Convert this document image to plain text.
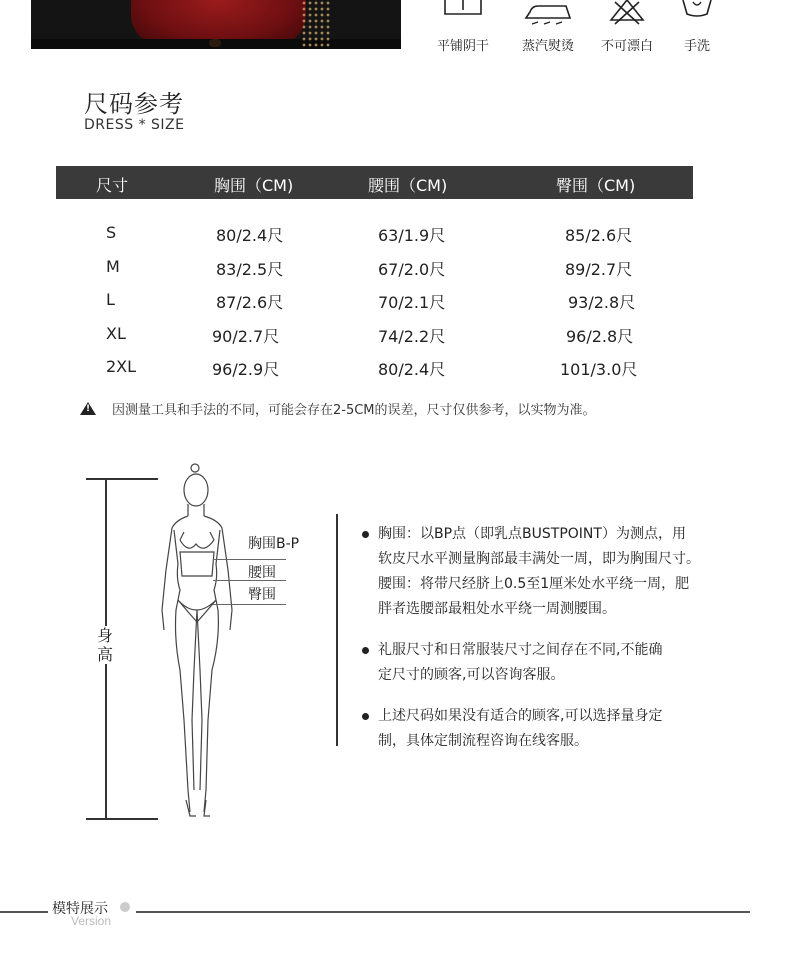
平铺阴干	蒸汽熨烫 不可漂白 手洗
尺码参考
DRESS * SIZE
尺寸	胸围（CM)	腰围（CM)	臀围（CM)
S	80/2.4尺	63/1.9尺	85/2.6尺
M	83/2.5尺	67/2.0尺	89/2.7尺
L	87/2.6尺	70/2.1尺	93/2.8尺
XL	90/2.7尺	74/2.2尺	96/2.8尺
2XL	96/2.9尺	80/2.4尺	101/3.0尺
!因测量工具和手法的不同，可能会存在2-5CM的误差，尺寸仅供参考，以实物为准。
身高
胸围B-P
腰围
臀围

胸围：以BP点（即乳点BUSTPOINT）为测点，用

软皮尺水平测量胸部最丰满处一周，即为胸围尺寸。

腰围：将带尺经脐上0.5至1厘米处水平绕一周，肥

胖者选腰部最粗处水平绕一周测腰围。

礼服尺寸和日常服装尺寸之间存在不同,不能确

定尺寸的顾客,可以咨询客服。

上述尺码如果没有适合的顾客,可以选择量身定

制，具体定制流程咨询在线客服。

模特展示
Version
